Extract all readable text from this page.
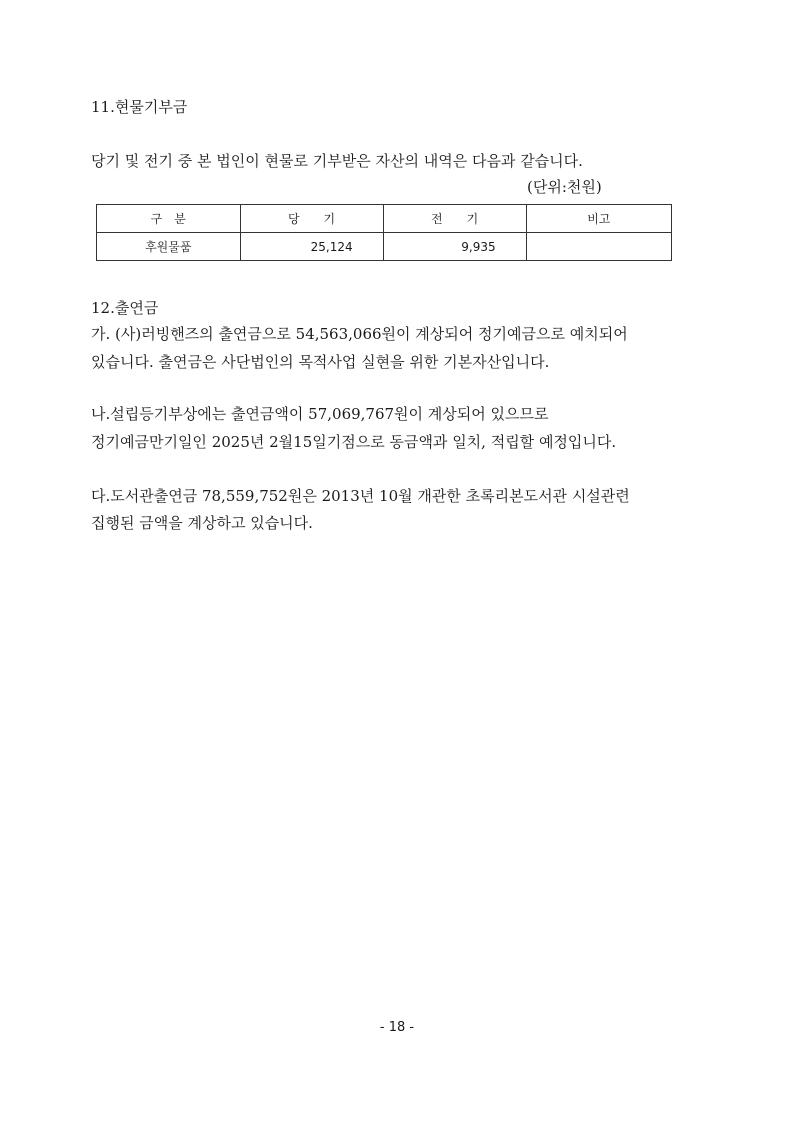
11.현물기부금
당기 및 전기 중 본 법인이 현물로 기부받은 자산의 내역은 다음과 같습니다.
(단위:천원)
구　분	당　　기	전　　기	비고
후원물품	25,124	9,935	
12.출연금
가. (사)러빙핸즈의 출연금으로 54,563,066원이 계상되어 정기예금으로 예치되어
있습니다. 출연금은 사단법인의 목적사업 실현을 위한 기본자산입니다.
나.설립등기부상에는 출연금액이 57,069,767원이 계상되어 있으므로
정기예금만기일인 2025년 2월15일기점으로 동금액과 일치, 적립할 예정입니다.
다.도서관출연금 78,559,752원은 2013년 10월 개관한 초록리본도서관 시설관련
집행된 금액을 계상하고 있습니다.
- 18 -
